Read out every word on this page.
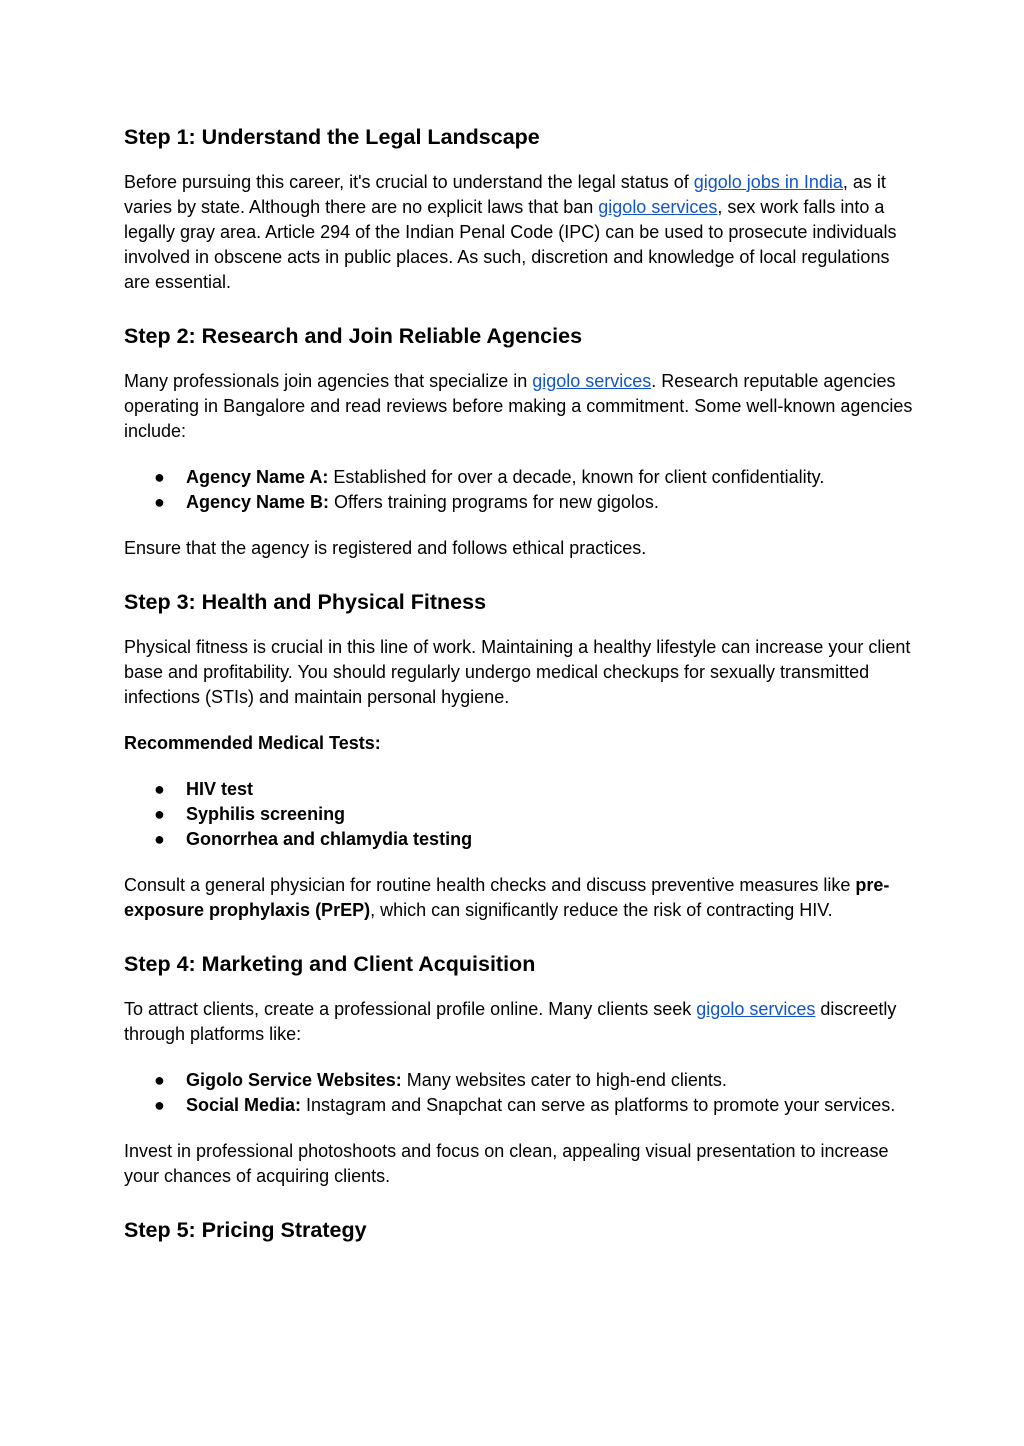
Step 1: Understand the Legal Landscape

Before pursuing this career, it's crucial to understand the legal status of gigolo jobs in India, as it varies by state. Although there are no explicit laws that ban gigolo services, sex work falls into a legally gray area. Article 294 of the Indian Penal Code (IPC) can be used to prosecute individuals involved in obscene acts in public places. As such, discretion and knowledge of local regulations are essential.

Step 2: Research and Join Reliable Agencies

Many professionals join agencies that specialize in gigolo services. Research reputable agencies operating in Bangalore and read reviews before making a commitment. Some well-known agencies include:

● Agency Name A: Established for over a decade, known for client confidentiality.
● Agency Name B: Offers training programs for new gigolos.

Ensure that the agency is registered and follows ethical practices.

Step 3: Health and Physical Fitness

Physical fitness is crucial in this line of work. Maintaining a healthy lifestyle can increase your client base and profitability. You should regularly undergo medical checkups for sexually transmitted infections (STIs) and maintain personal hygiene.

Recommended Medical Tests:

● HIV test
● Syphilis screening
● Gonorrhea and chlamydia testing

Consult a general physician for routine health checks and discuss preventive measures like pre-exposure prophylaxis (PrEP), which can significantly reduce the risk of contracting HIV.

Step 4: Marketing and Client Acquisition

To attract clients, create a professional profile online. Many clients seek gigolo services discreetly through platforms like:

● Gigolo Service Websites: Many websites cater to high-end clients.
● Social Media: Instagram and Snapchat can serve as platforms to promote your services.

Invest in professional photoshoots and focus on clean, appealing visual presentation to increase your chances of acquiring clients.

Step 5: Pricing Strategy
